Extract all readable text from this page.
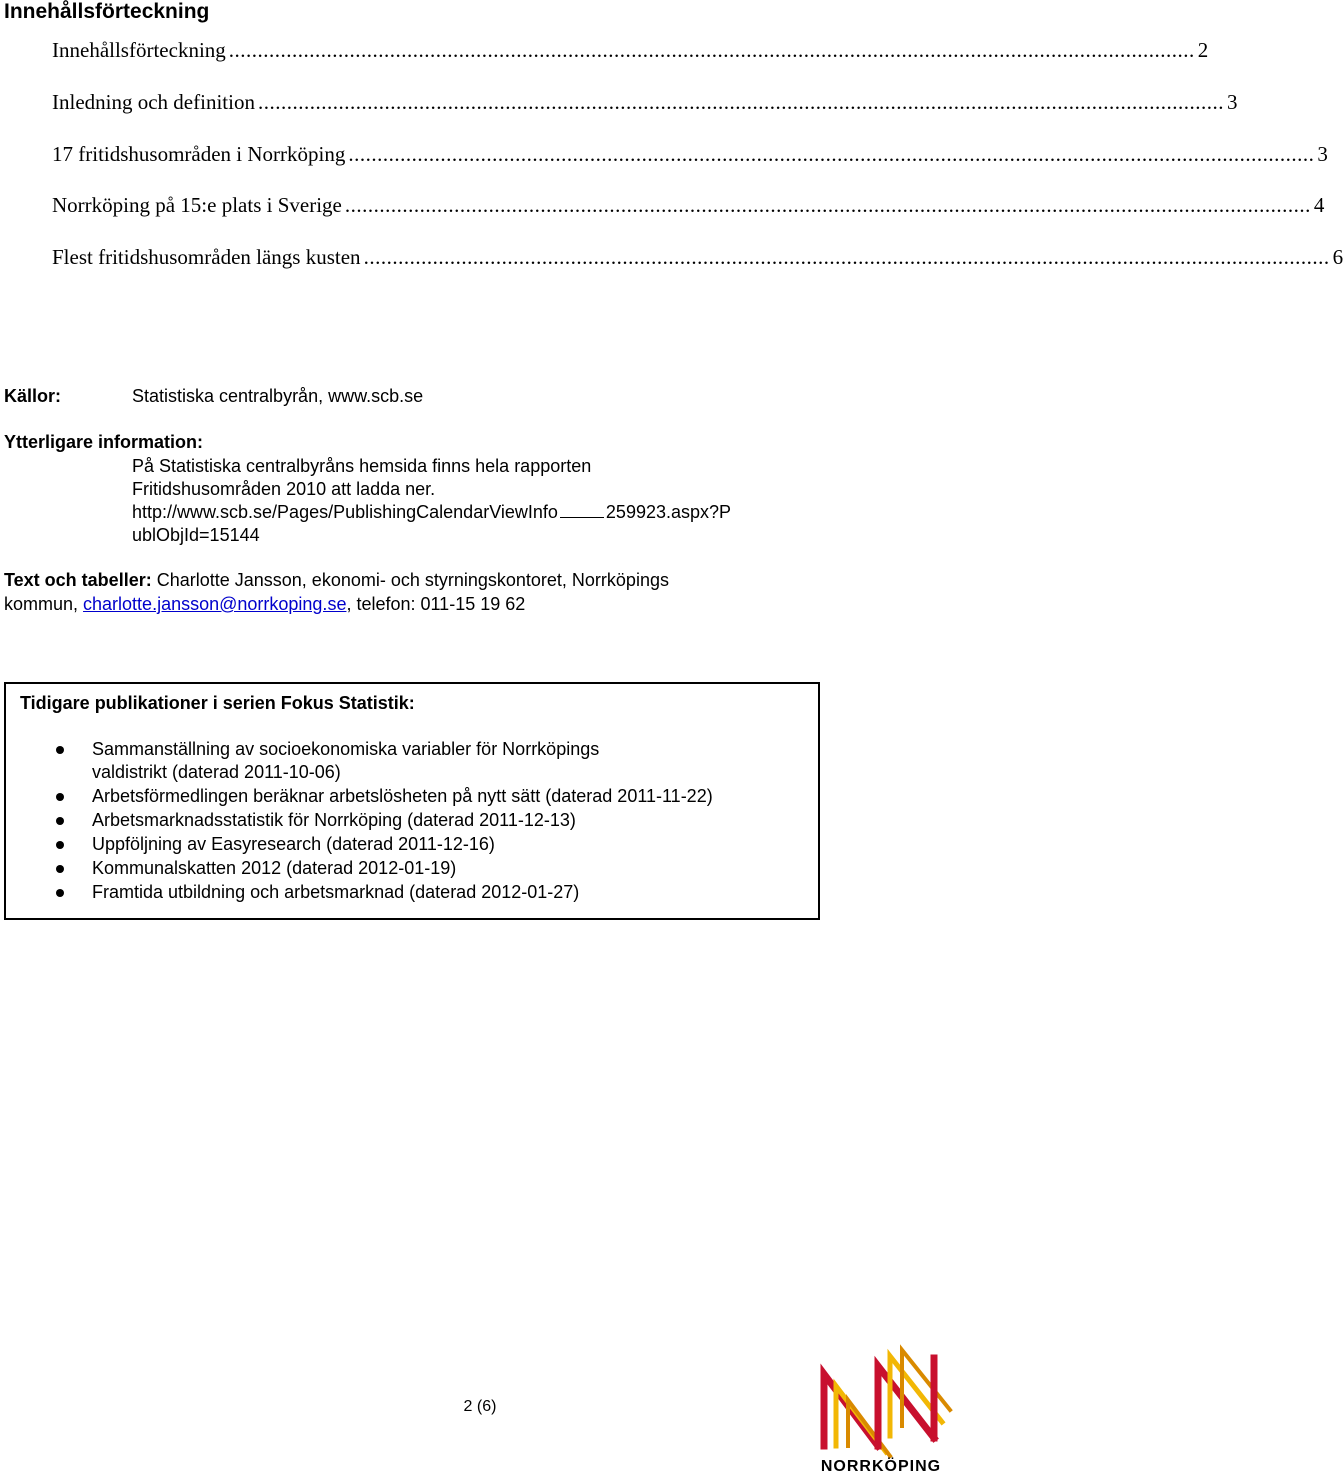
Innehållsförteckning
Innehållsförteckning ........................................................................................................................................................................ 2
Inledning och definition ........................................................................................................................................................................ 3
17 fritidshusområden i Norrköping ........................................................................................................................................................................ 3
Norrköping på 15:e plats i Sverige ........................................................................................................................................................................ 4
Flest fritidshusområden längs kusten ........................................................................................................................................................................ 6
Källor:	Statistiska centralbyrån, www.scb.se
Ytterligare information:
På Statistiska centralbyråns hemsida finns hela rapporten
Fritidshusområden 2010 att ladda ner.
http://www.scb.se/Pages/PublishingCalendarViewInfo	259923.aspx?P
ublObjId=15144
Text och tabeller: Charlotte Jansson, ekonomi- och styrningskontoret, Norrköpings
kommun, charlotte.jansson@norrkoping.se, telefon: 011-15 19 62
Tidigare publikationer i serien Fokus Statistik:
Sammanställning av socioekonomiska variabler för Norrköpings
valdistrikt (daterad 2011-10-06)
Arbetsförmedlingen beräknar arbetslösheten på nytt sätt (daterad 2011-11-22)
Arbetsmarknadsstatistik för Norrköping (daterad 2011-12-13)
Uppföljning av Easyresearch (daterad 2011-12-16)
Kommunalskatten 2012 (daterad 2012-01-19)
Framtida utbildning och arbetsmarknad (daterad 2012-01-27)
2 (6)
NORRKÖPING
